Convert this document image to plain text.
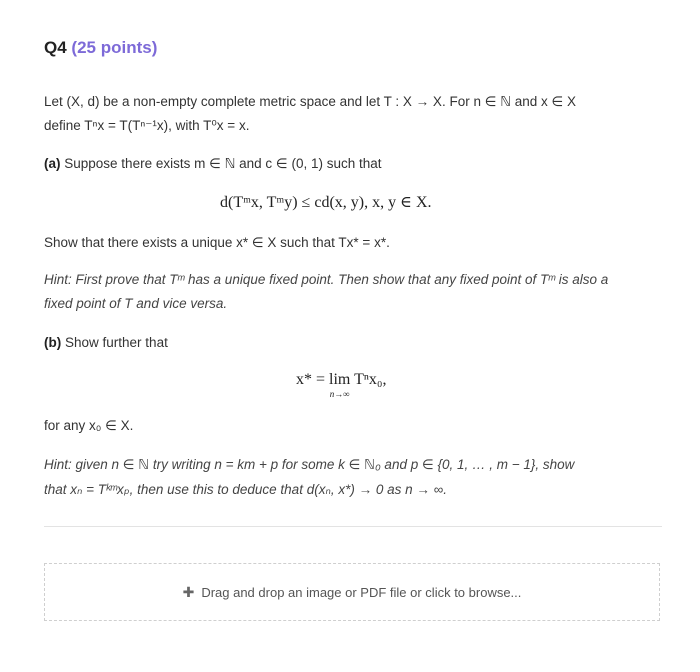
Q4 (25 points)
Let (X, d) be a non-empty complete metric space and let T : X → X. For n ∈ ℕ and x ∈ X
define Tⁿx = T(Tⁿ⁻¹x), with T⁰x = x.
(a) Suppose there exists m ∈ ℕ and c ∈ (0, 1) such that
d(Tᵐx, Tᵐy) ≤ cd(x, y), x, y ∈ X.
Show that there exists a unique x* ∈ X such that Tx* = x*.
Hint: First prove that Tᵐ has a unique fixed point. Then show that any fixed point of Tᵐ is also a
fixed point of T and vice versa.
(b) Show further that
x* = lim
n→∞
Tⁿx₀,
for any x₀ ∈ X.
Hint: given n ∈ ℕ try writing n = km + p for some k ∈ ℕ₀ and p ∈ {0, 1, … , m − 1}, show
that xₙ = Tᵏᵐxₚ, then use this to deduce that d(xₙ, x*) → 0 as n → ∞.
✚ Drag and drop an image or PDF file or click to browse...
